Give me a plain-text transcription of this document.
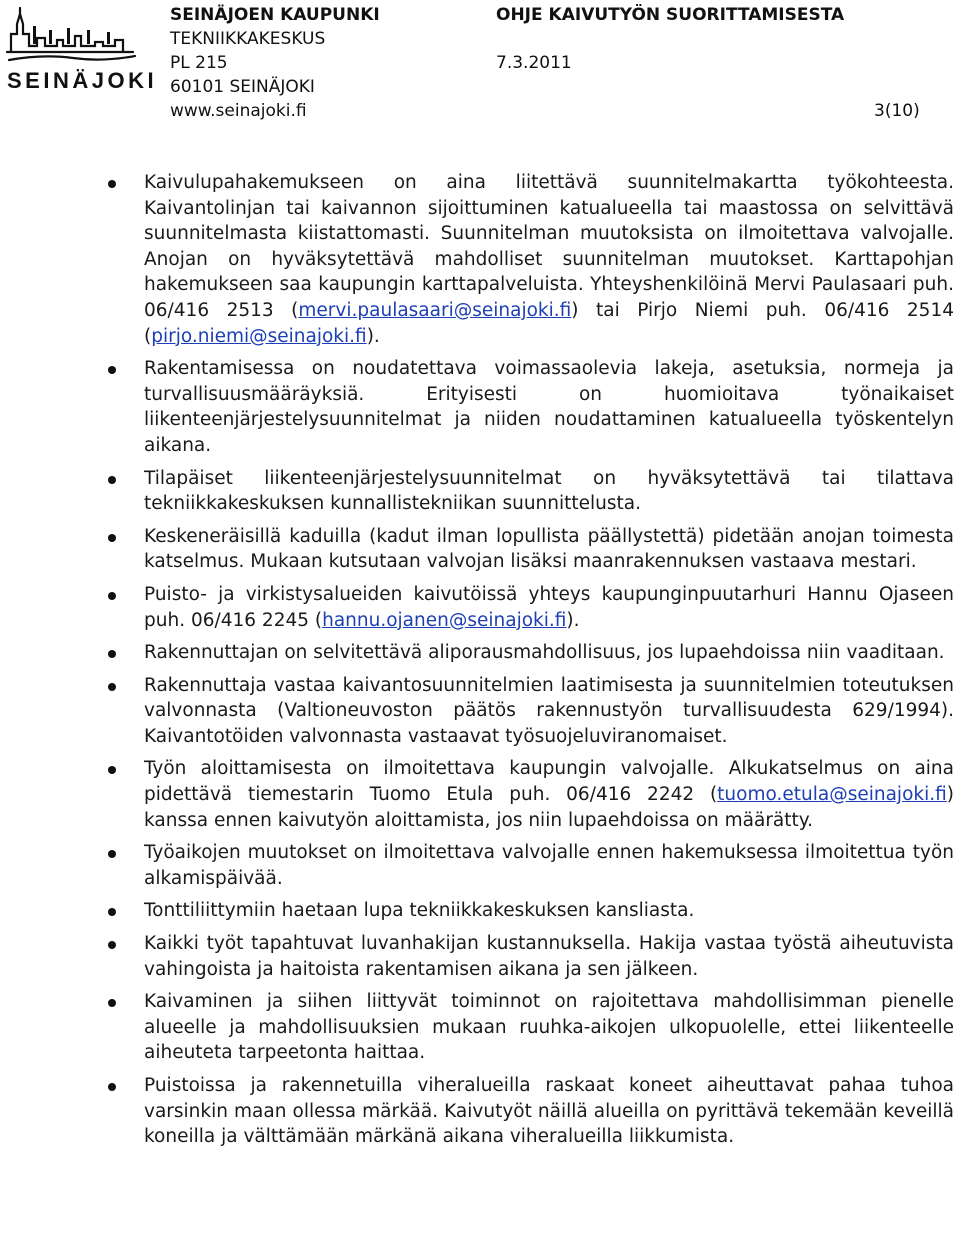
SEINÄJOKI
SEINÄJOEN KAUPUNKI
TEKNIIKKAKESKUS
PL 215
60101 SEINÄJOKI
www.seinajoki.fi
OHJE KAIVUTYÖN SUORITTAMISESTA
7.3.2011
3(10)
Kaivulupahakemukseen on aina liitettävä suunnitelmakartta työkohteesta. Kaivantolinjan tai kaivannon sijoittuminen katualueella tai maastossa on selvittävä suunnitelmasta kiistattomasti. Suunnitelman muutoksista on ilmoitettava valvojalle. Anojan on hyväksytettävä mahdolliset suunnitelman muutokset. Karttapohjan hakemukseen saa kaupungin karttapalveluista. Yhteyshenkilöinä Mervi Paulasaari puh. 06/416 2513 (mervi.paulasaari@seinajoki.fi) tai Pirjo Niemi puh. 06/416 2514 (pirjo.niemi@seinajoki.fi).
Rakentamisessa on noudatettava voimassaolevia lakeja, asetuksia, normeja ja turvallisuusmääräyksiä. Erityisesti on huomioitava työnaikaiset liikenteenjärjestelysuunnitelmat ja niiden noudattaminen katualueella työskentelyn aikana.
Tilapäiset liikenteenjärjestelysuunnitelmat on hyväksytettävä tai tilattava tekniikkakeskuksen kunnallistekniikan suunnittelusta.
Keskeneräisillä kaduilla (kadut ilman lopullista päällystettä) pidetään anojan toimesta katselmus. Mukaan kutsutaan valvojan lisäksi maanrakennuksen vastaava mestari.
Puisto- ja virkistysalueiden kaivutöissä yhteys kaupunginpuutarhuri Hannu Ojaseen puh. 06/416 2245 (hannu.ojanen@seinajoki.fi).
Rakennuttajan on selvitettävä aliporausmahdollisuus, jos lupaehdoissa niin vaaditaan.
Rakennuttaja vastaa kaivantosuunnitelmien laatimisesta ja suunnitelmien toteutuksen valvonnasta (Valtioneuvoston päätös rakennustyön turvallisuudesta 629/1994). Kaivantotöiden valvonnasta vastaavat työsuojeluviranomaiset.
Työn aloittamisesta on ilmoitettava kaupungin valvojalle. Alkukatselmus on aina pidettävä tiemestarin Tuomo Etula puh. 06/416 2242 (tuomo.etula@seinajoki.fi) kanssa ennen kaivutyön aloittamista, jos niin lupaehdoissa on määrätty.
Työaikojen muutokset on ilmoitettava valvojalle ennen hakemuksessa ilmoitettua työn alkamispäivää.
Tonttiliittymiin haetaan lupa tekniikkakeskuksen kansliasta.
Kaikki työt tapahtuvat luvanhakijan kustannuksella. Hakija vastaa työstä aiheutuvista vahingoista ja haitoista rakentamisen aikana ja sen jälkeen.
Kaivaminen ja siihen liittyvät toiminnot on rajoitettava mahdollisimman pienelle alueelle ja mahdollisuuksien mukaan ruuhka-aikojen ulkopuolelle, ettei liikenteelle aiheuteta tarpeetonta haittaa.
Puistoissa ja rakennetuilla viheralueilla raskaat koneet aiheuttavat pahaa tuhoa varsinkin maan ollessa märkää. Kaivutyöt näillä alueilla on pyrittävä tekemään keveillä koneilla ja välttämään märkänä aikana viheralueilla liikkumista.
